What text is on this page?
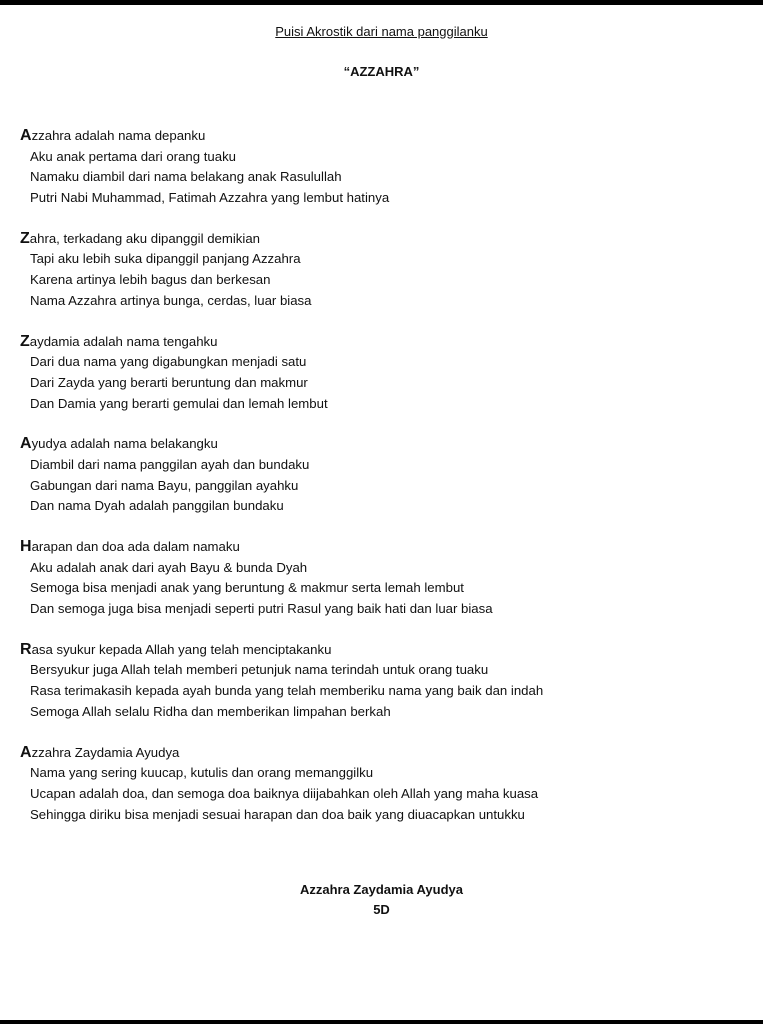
Puisi Akrostik dari nama panggilanku
“AZZAHRA”
Azzahra adalah nama depanku
Aku anak pertama dari orang tuaku
Namaku diambil dari nama belakang anak Rasulullah
Putri Nabi Muhammad, Fatimah Azzahra yang lembut hatinya
Zahra, terkadang aku dipanggil demikian
Tapi aku lebih suka dipanggil panjang Azzahra
Karena artinya lebih bagus dan berkesan
Nama Azzahra artinya bunga, cerdas, luar biasa
Zaydamia adalah nama tengahku
Dari dua nama yang digabungkan menjadi satu
Dari Zayda yang berarti beruntung dan makmur
Dan Damia yang berarti gemulai dan lemah lembut
Ayudya adalah nama belakangku
Diambil dari nama panggilan ayah dan bundaku
Gabungan dari nama Bayu, panggilan ayahku
Dan nama Dyah adalah panggilan bundaku
Harapan dan doa ada dalam namaku
Aku adalah anak dari ayah Bayu & bunda Dyah
Semoga bisa menjadi anak yang beruntung & makmur serta lemah lembut
Dan semoga juga bisa menjadi seperti putri Rasul yang baik hati dan luar biasa
Rasa syukur kepada Allah yang telah menciptakanku
Bersyukur juga Allah telah memberi petunjuk nama terindah untuk orang tuaku
Rasa terimakasih kepada ayah bunda yang telah memberiku nama yang baik dan indah
Semoga Allah selalu Ridha dan memberikan limpahan berkah
Azzahra Zaydamia Ayudya
Nama yang sering kuucap, kutulis dan orang memanggilku
Ucapan adalah doa, dan semoga doa baiknya diijabahkan oleh Allah yang maha kuasa
Sehingga diriku bisa menjadi sesuai harapan dan doa baik yang diuacapkan untukku
Azzahra Zaydamia Ayudya
5D
